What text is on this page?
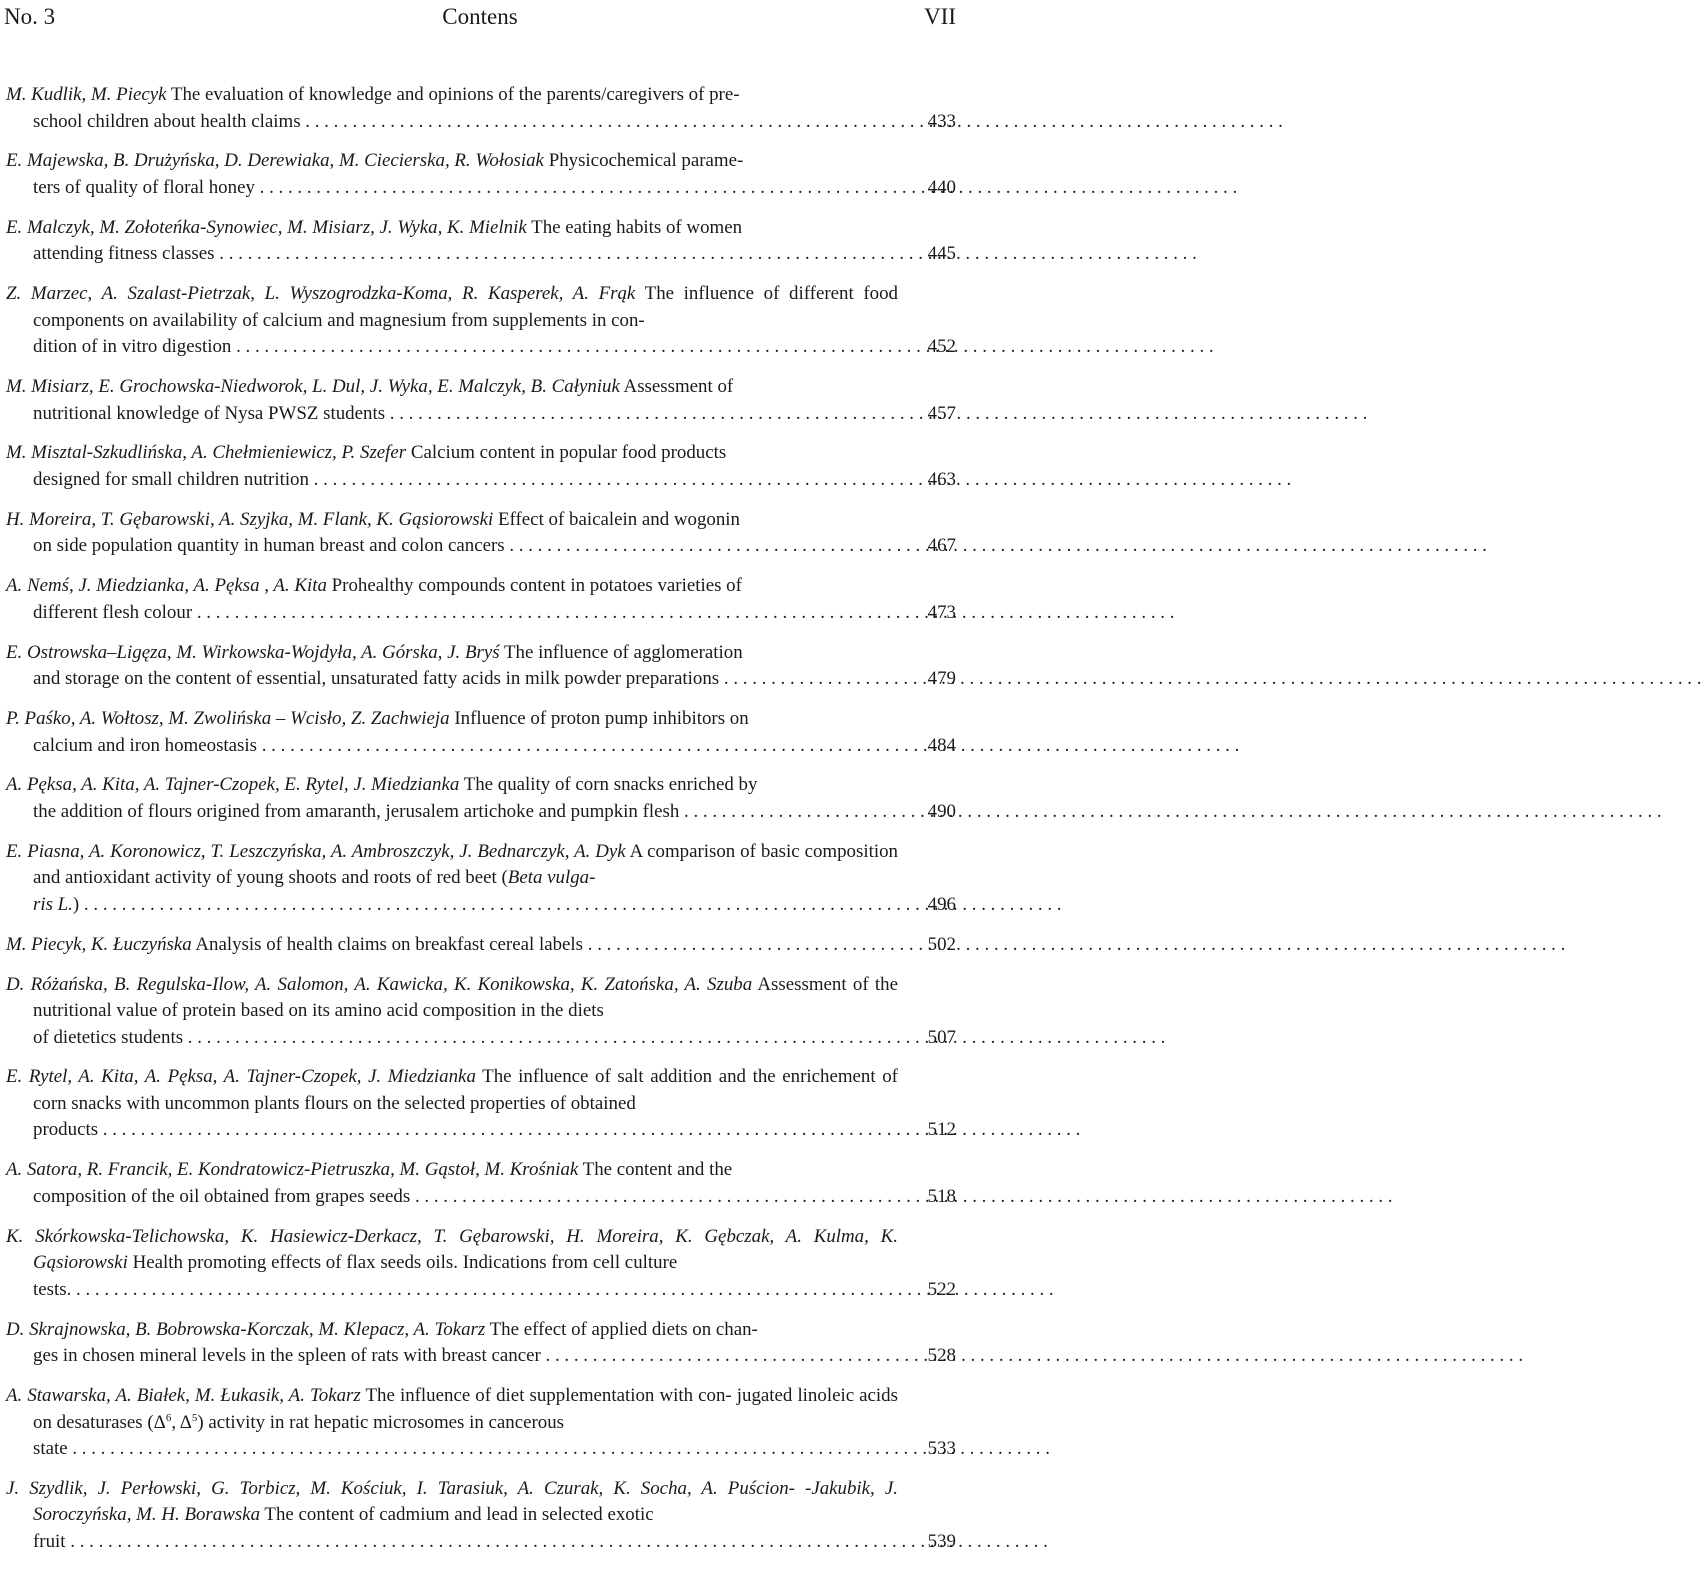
No. 3	Contens	VII
M. Kudlik, M. Piecyk The evaluation of knowledge and opinions of the parents/caregivers of pre-
school children about health claims . . .	433
E. Majewska, B. Drużyńska, D. Derewiaka, M. Ciecierska, R. Wołosiak Physicochemical parame-
ters of quality of floral honey . . .	440
E. Malczyk, M. Zołoteńka-Synowiec, M. Misiarz, J. Wyka, K. Mielnik The eating habits of women
attending fitness classes . . .	445
Z. Marzec, A. Szalast-Pietrzak, L. Wyszogrodzka-Koma, R. Kasperek, A. Frąk The influence of different food components on availability of calcium and magnesium from supplements in con-
dition of in vitro digestion . . .	452
M. Misiarz, E. Grochowska-Niedworok, L. Dul, J. Wyka, E. Malczyk, B. Całyniuk Assessment of
nutritional knowledge of Nysa PWSZ students . . .	457
M. Misztal-Szkudlińska, A. Chełmieniewicz, P. Szefer Calcium content in popular food products
designed for small children nutrition . . .	463
H. Moreira, T. Gębarowski, A. Szyjka, M. Flank, K. Gąsiorowski Effect of baicalein and wogonin
on side population quantity in human breast and colon cancers . . .	467
A. Nemś, J. Miedzianka, A. Pęksa , A. Kita Prohealthy compounds content in potatoes varieties of
different flesh colour . . .	473
E. Ostrowska–Ligęza, M. Wirkowska-Wojdyła, A. Górska, J. Bryś The influence of agglomeration
and storage on the content of essential, unsaturated fatty acids in milk powder preparations . . .	479
P. Paśko, A. Wołtosz, M. Zwolińska – Wcisło, Z. Zachwieja Influence of proton pump inhibitors on
calcium and iron homeostasis . . .	484
A. Pęksa, A. Kita, A. Tajner-Czopek, E. Rytel, J. Miedzianka The quality of corn snacks enriched by
the addition of flours origined from amaranth, jerusalem artichoke and pumpkin flesh . . .	490
E. Piasna, A. Koronowicz, T. Leszczyńska, A. Ambroszczyk, J. Bednarczyk, A. Dyk A comparison of basic composition and antioxidant activity of young shoots and roots of red beet (Beta vulga-
ris L.) . . .	496
M. Piecyk, K. Łuczyńska Analysis of health claims on breakfast cereal labels . . .	502
D. Różańska, B. Regulska-Ilow, A. Salomon, A. Kawicka, K. Konikowska, K. Zatońska, A. Szuba Assessment of the nutritional value of protein based on its amino acid composition in the diets
of dietetics students . . .	507
E. Rytel, A. Kita, A. Pęksa, A. Tajner-Czopek, J. Miedzianka The influence of salt addition and the enrichement of corn snacks with uncommon plants flours on the selected properties of obtained
products . . .	512
A. Satora, R. Francik, E. Kondratowicz-Pietruszka, M. Gąstoł, M. Krośniak The content and the
composition of the oil obtained from grapes seeds . . .	518
K. Skórkowska-Telichowska, K. Hasiewicz-Derkacz, T. Gębarowski, H. Moreira, K. Gębczak, A. Kulma, K. Gąsiorowski Health promoting effects of flax seeds oils. Indications from cell culture
tests. . . .	522
D. Skrajnowska, B. Bobrowska-Korczak, M. Klepacz, A. Tokarz The effect of applied diets on chan-
ges in chosen mineral levels in the spleen of rats with breast cancer . . .	528
A. Stawarska, A. Białek, M. Łukasik, A. Tokarz The influence of diet supplementation with con- jugated linoleic acids on desaturases ($\Delta^6$, $\Delta^5$) activity in rat hepatic microsomes in cancerous
state . . .	533
J. Szydlik, J. Perłowski, G. Torbicz, M. Kościuk, I. Tarasiuk, A. Czurak, K. Socha, A. Puścion- -Jakubik, J. Soroczyńska, M. H. Borawska The content of cadmium and lead in selected exotic
fruit . . .	539
